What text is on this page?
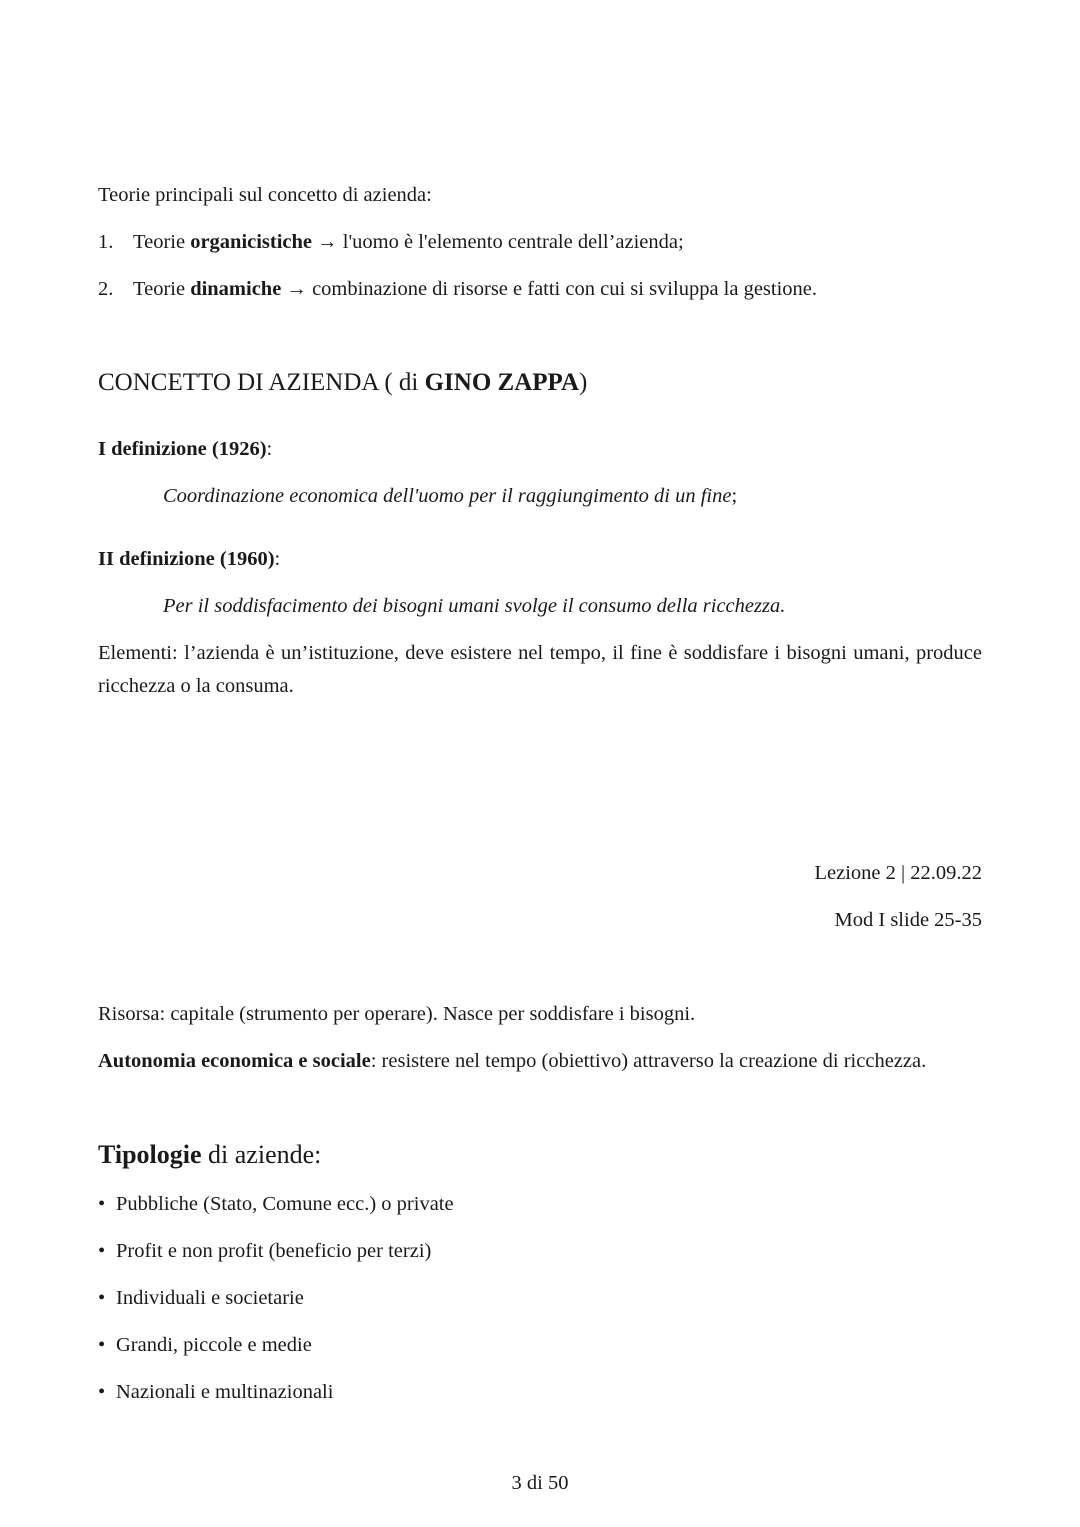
Teorie principali sul concetto di azienda:
1. Teorie organicistiche → l'uomo è l'elemento centrale dell’azienda;
2. Teorie dinamiche → combinazione di risorse e fatti con cui si sviluppa la gestione.
CONCETTO DI AZIENDA ( di GINO ZAPPA)
I definizione (1926):
Coordinazione economica dell'uomo per il raggiungimento di un fine;
II definizione (1960):
Per il soddisfacimento dei bisogni umani svolge il consumo della ricchezza.
Elementi: l’azienda è un’istituzione, deve esistere nel tempo, il fine è soddisfare i bisogni umani, produce ricchezza o la consuma.
Lezione 2 | 22.09.22
Mod I slide 25-35
Risorsa: capitale (strumento per operare). Nasce per soddisfare i bisogni.
Autonomia economica e sociale: resistere nel tempo (obiettivo) attraverso la creazione di ricchezza.
Tipologie di aziende:
• Pubbliche (Stato, Comune ecc.) o private
• Profit e non profit (beneficio per terzi)
• Individuali e societarie
• Grandi, piccole e medie
• Nazionali e multinazionali
3 di 50
